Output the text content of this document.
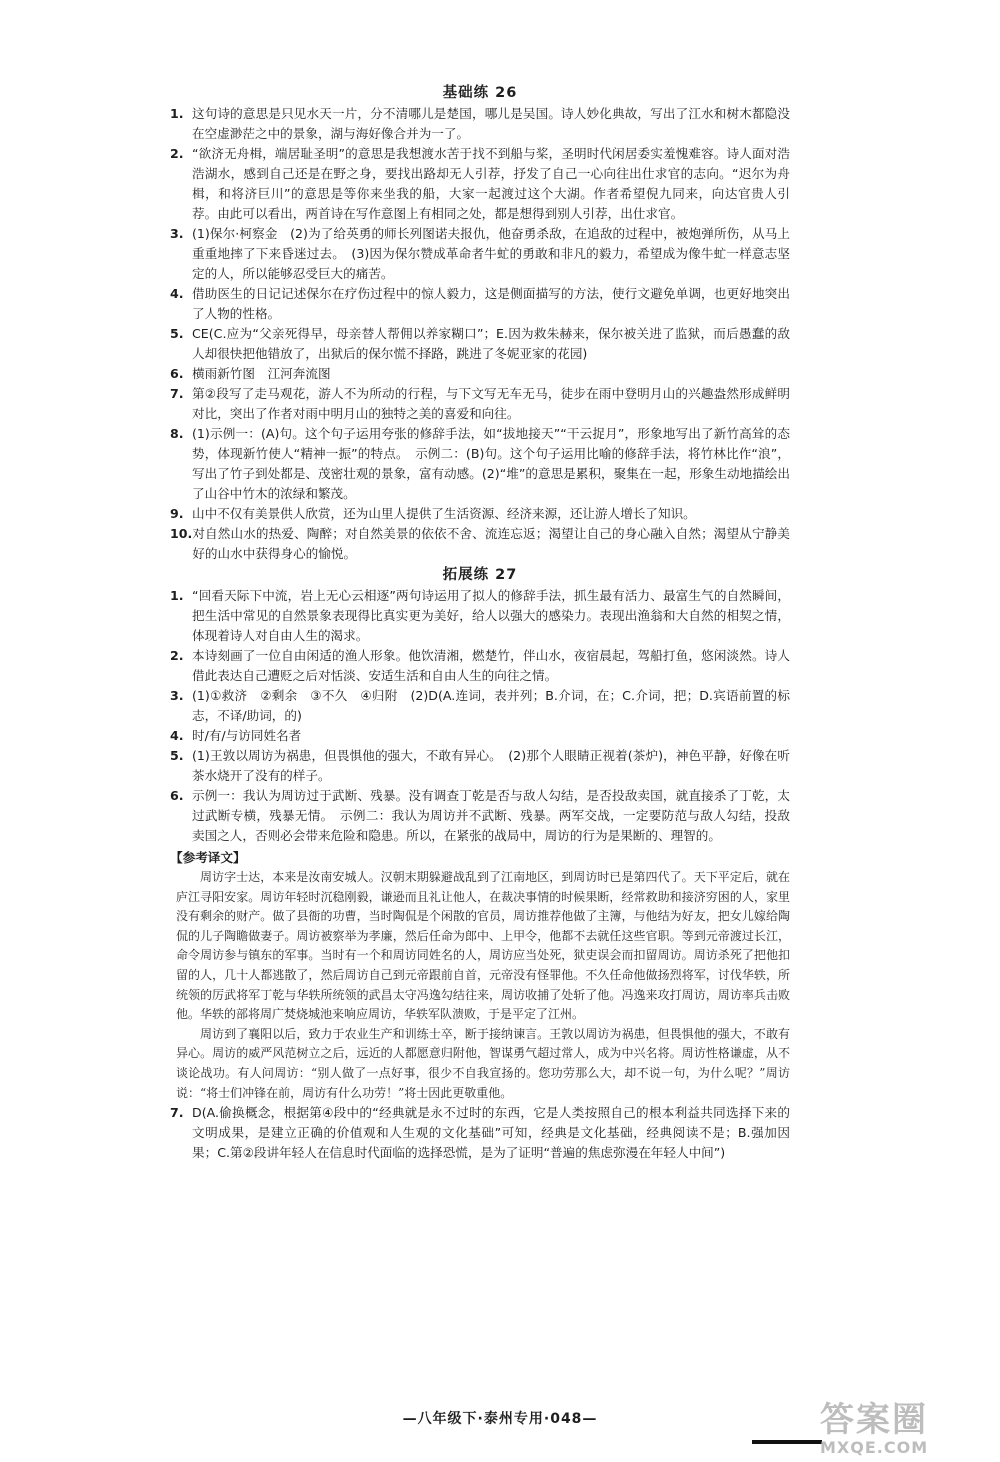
基础练 26
1. 这句诗的意思是只见水天一片，分不清哪儿是楚国，哪儿是吴国。诗人妙化典故，写出了江水和树木都隐没在空虚渺茫之中的景象，湖与海好像合并为一了。
2. “欲济无舟楫，端居耻圣明”的意思是我想渡水苦于找不到船与桨，圣明时代闲居委实羞愧难容。诗人面对浩浩湖水，感到自己还是在野之身，要找出路却无人引荐，抒发了自己一心向往出仕求官的志向。“迟尔为舟楫，和将济巨川”的意思是等你来坐我的船，大家一起渡过这个大湖。作者希望倪九同来，向达官贵人引荐。由此可以看出，两首诗在写作意图上有相同之处，都是想得到别人引荐，出仕求官。
3. (1)保尔·柯察金　(2)为了给英勇的师长列图诺夫报仇，他奋勇杀敌，在追敌的过程中，被炮弹所伤，从马上重重地摔了下来昏迷过去。　(3)因为保尔赞成革命者牛虻的勇敢和非凡的毅力，希望成为像牛虻一样意志坚定的人，所以能够忍受巨大的痛苦。
4. 借助医生的日记记述保尔在疗伤过程中的惊人毅力，这是侧面描写的方法，使行文避免单调，也更好地突出了人物的性格。
5. CE(C.应为“父亲死得早，母亲替人帮佣以养家糊口”；E.因为救朱赫来，保尔被关进了监狱，而后愚蠢的敌人却很快把他错放了，出狱后的保尔慌不择路，跳进了冬妮亚家的花园)
6. 横雨新竹图　江河奔流图
7. 第②段写了走马观花，游人不为所动的行程，与下文写无车无马，徒步在雨中登明月山的兴趣盎然形成鲜明对比，突出了作者对雨中明月山的独特之美的喜爱和向往。
8. (1)示例一：(A)句。这个句子运用夸张的修辞手法，如“拔地接天”“干云捉月”，形象地写出了新竹高耸的态势，体现新竹使人“精神一振”的特点。　示例二：(B)句。这个句子运用比喻的修辞手法，将竹林比作“浪”，写出了竹子到处都是、茂密壮观的景象，富有动感。(2)“堆”的意思是累积，聚集在一起，形象生动地描绘出了山谷中竹木的浓绿和繁茂。
9. 山中不仅有美景供人欣赏，还为山里人提供了生活资源、经济来源，还让游人增长了知识。
10. 对自然山水的热爱、陶醉；对自然美景的依依不舍、流连忘返；渴望让自己的身心融入自然；渴望从宁静美好的山水中获得身心的愉悦。
拓展练 27
1. “回看天际下中流，岩上无心云相逐”两句诗运用了拟人的修辞手法，抓生最有活力、最富生气的自然瞬间，把生活中常见的自然景象表现得比真实更为美好，给人以强大的感染力。表现出渔翁和大自然的相契之情，体现着诗人对自由人生的渴求。
2. 本诗刻画了一位自由闲适的渔人形象。他饮清湘，燃楚竹，伴山水，夜宿晨起，驾船打鱼，悠闲淡然。诗人借此表达自己遭贬之后对恬淡、安适生活和自由人生的向往之情。
3. (1)①救济　②剩余　③不久　④归附　(2)D(A.连词，表并列；B.介词，在；C.介词，把；D.宾语前置的标志，不译/助词，的)
4. 时/有/与访同姓名者
5. (1)王敦以周访为祸患，但畏惧他的强大，不敢有异心。　(2)那个人眼睛正视着(茶炉)，神色平静，好像在听茶水烧开了没有的样子。
6. 示例一：我认为周访过于武断、残暴。没有调查丁乾是否与敌人勾结，是否投敌卖国，就直接杀了丁乾，太过武断专横，残暴无情。　示例二：我认为周访并不武断、残暴。两军交战，一定要防范与敌人勾结，投敌卖国之人，否则必会带来危险和隐患。所以，在紧张的战局中，周访的行为是果断的、理智的。
【参考译文】

周访字士达，本来是汝南安城人。汉朝末期躲避战乱到了江南地区，到周访时已是第四代了。天下平定后，就在庐江寻阳安家。周访年轻时沉稳刚毅，谦逊而且礼让他人，在裁决事情的时候果断，经常救助和接济穷困的人，家里没有剩余的财产。做了县衙的功曹，当时陶侃是个闲散的官员，周访推荐他做了主簿，与他结为好友，把女儿嫁给陶侃的儿子陶瞻做妻子。周访被察举为孝廉，然后任命为郎中、上甲令，他都不去就任这些官职。等到元帝渡过长江，命令周访参与镇东的军事。当时有一个和周访同姓名的人，周访应当处死，狱吏误会而扣留周访。周访杀死了把他扣留的人，几十人都逃散了，然后周访自己到元帝跟前自首，元帝没有怪罪他。不久任命他做扬烈将军，讨伐华轶，所统领的厉武将军丁乾与华轶所统领的武昌太守冯逸勾结往来，周访收捕了处斩了他。冯逸来攻打周访，周访率兵击败他。华轶的部将周广焚烧城池来响应周访，华轶军队溃败，于是平定了江州。

周访到了襄阳以后，致力于农业生产和训练士卒，断于接纳谏言。王敦以周访为祸患，但畏惧他的强大，不敢有异心。周访的威严风范树立之后，远近的人都愿意归附他，智谋勇气超过常人，成为中兴名将。周访性格谦虚，从不谈论战功。有人问周访：“别人做了一点好事，很少不自我宣扬的。您功劳那么大，却不说一句，为什么呢？”周访说：“将士们冲锋在前，周访有什么功劳！”将士因此更敬重他。

7. D(A.偷换概念，根据第④段中的“经典就是永不过时的东西，它是人类按照自己的根本利益共同选择下来的文明成果，是建立正确的价值观和人生观的文化基础”可知，经典是文化基础，经典阅读不是；B.强加因果；C.第②段讲年轻人在信息时代面临的选择恐慌，是为了证明“普遍的焦虑弥漫在年轻人中间”)
—八年级下·泰州专用·048—	答案圈
MXQE.COM
